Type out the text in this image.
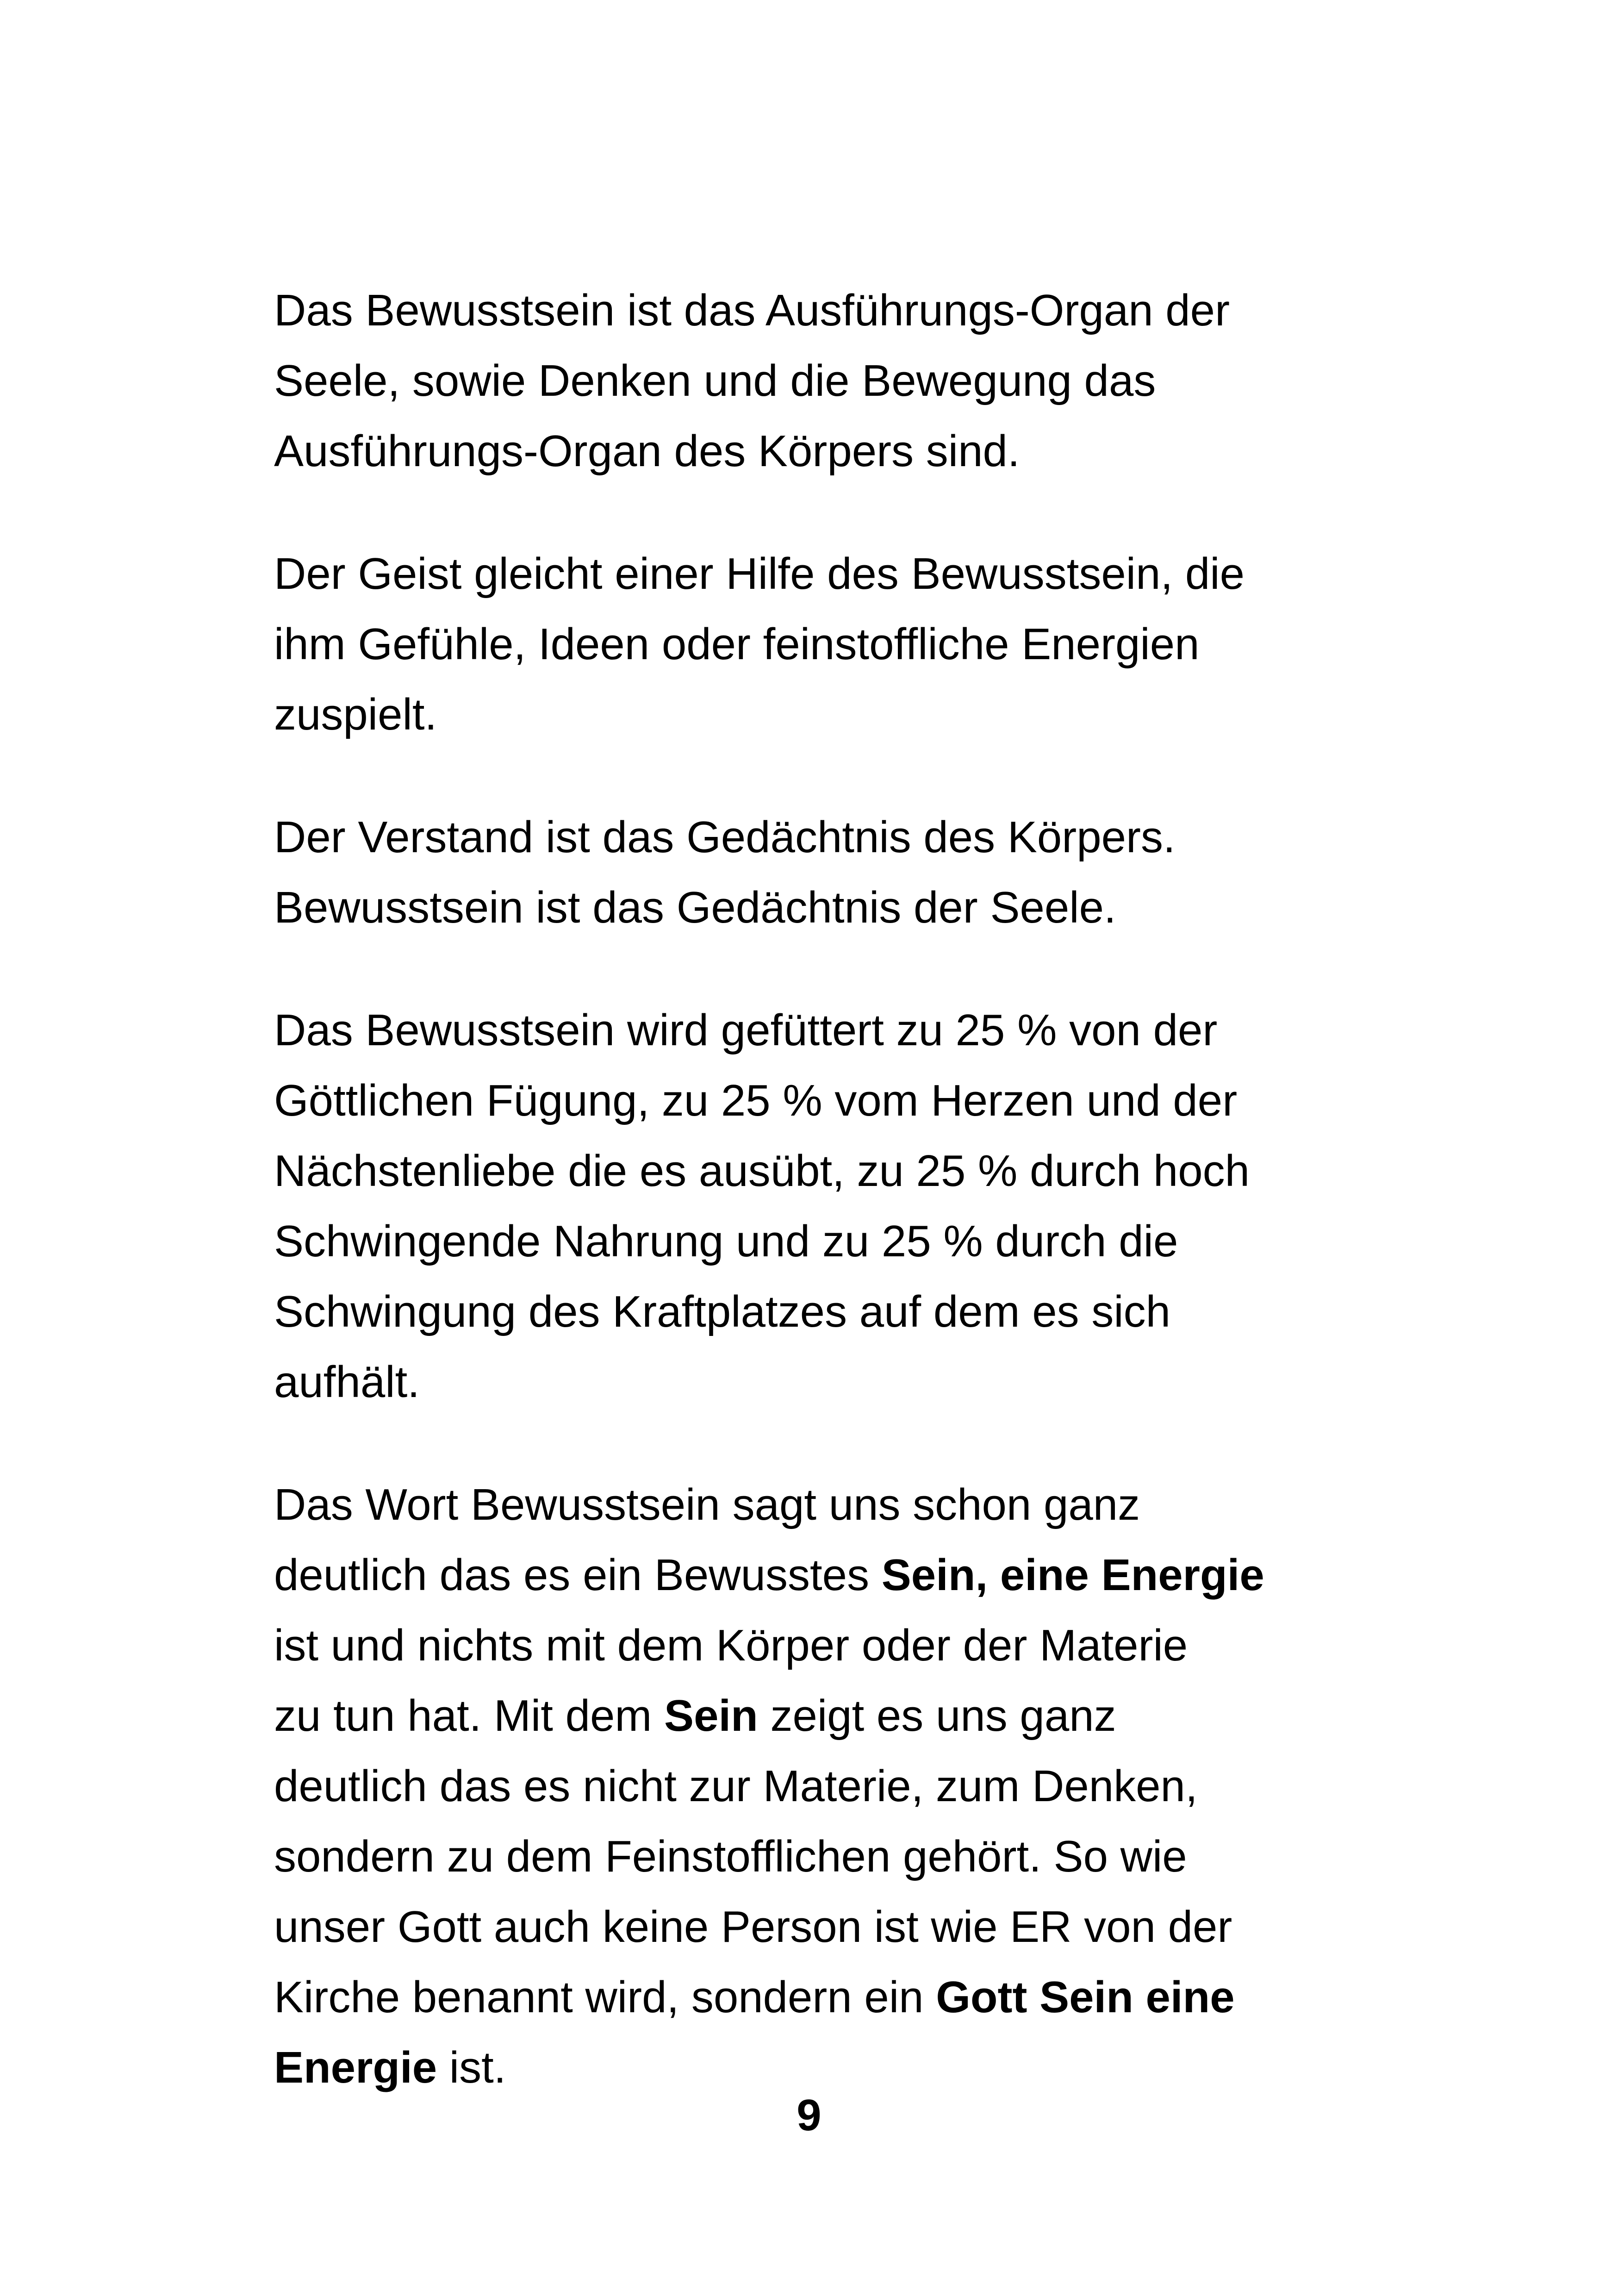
Das Bewusstsein ist das Ausführungs-Organ der
Seele, sowie Denken und die Bewegung das
Ausführungs-Organ des Körpers sind.

Der Geist gleicht einer Hilfe des Bewusstsein, die
ihm Gefühle, Ideen oder feinstoffliche Energien
zuspielt.

Der Verstand ist das Gedächtnis des Körpers.
Bewusstsein ist das Gedächtnis der Seele.

Das Bewusstsein wird gefüttert zu 25 % von der
Göttlichen Fügung, zu 25 % vom Herzen und der
Nächstenliebe die es ausübt, zu 25 % durch hoch
Schwingende Nahrung und zu 25 % durch die
Schwingung des Kraftplatzes auf dem es sich
aufhält.

Das Wort Bewusstsein sagt uns schon ganz
deutlich das es ein Bewusstes Sein, eine Energie
ist und nichts mit dem Körper oder der Materie
zu tun hat. Mit dem Sein zeigt es uns ganz
deutlich das es nicht zur Materie, zum Denken,
sondern zu dem Feinstofflichen gehört. So wie
unser Gott auch keine Person ist wie ER von der
Kirche benannt wird, sondern ein Gott Sein eine
Energie ist.

9
